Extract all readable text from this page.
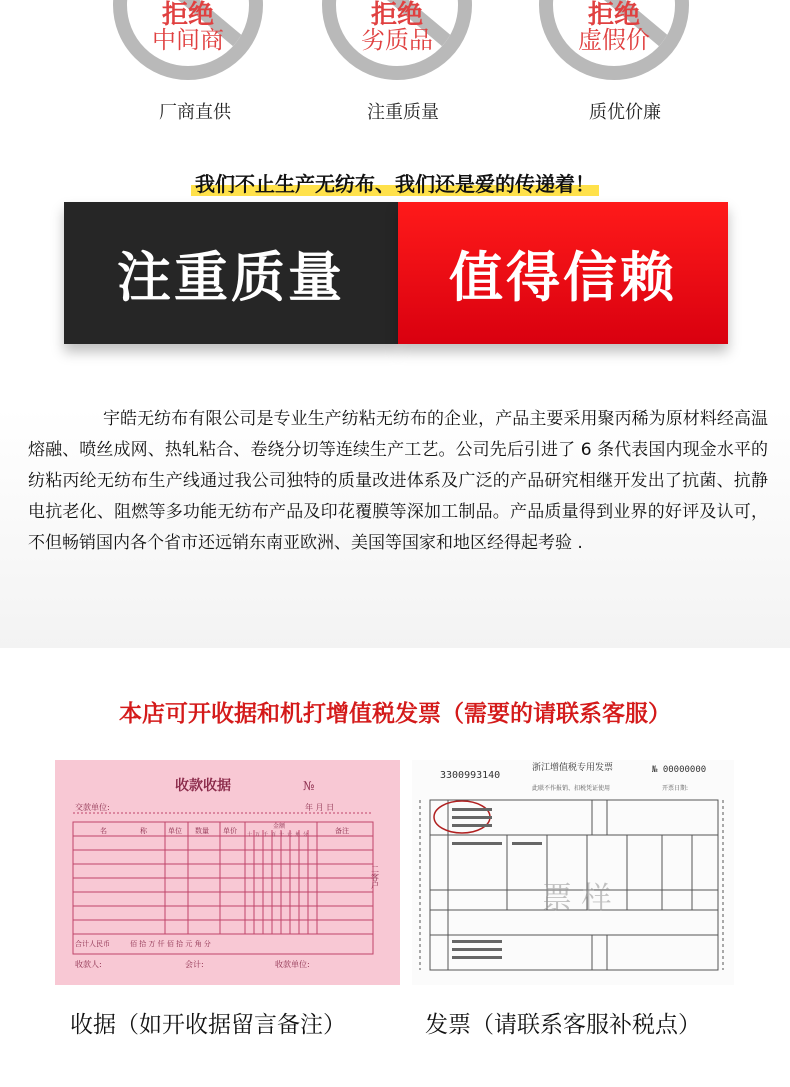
拒绝
中间商
拒绝
劣质品
拒绝
虚假价
厂商直供	注重质量	质优价廉
我们不止生产无纺布、我们还是爱的传递着！
注重质量	值得信赖

宇皓无纺布有限公司是专业生产纺粘无纺布的企业，产品主要采用聚丙稀为原材料经高温熔融、喷丝成网、热轧粘合、卷绕分切等连续生产工艺。公司先后引进了 6 条代表国内现金水平的纺粘丙纶无纺布生产线通过我公司独特的质量改进体系及广泛的产品研究相继开发出了抗菌、抗静电抗老化、阻燃等多功能无纺布产品及印花覆膜等深加工制品。产品质量得到业界的好评及认可，不但畅销国内各个省市还远销东南亚欧洲、美国等国家和地区经得起考验 .

本店可开收据和机打增值税发票（需要的请联系客服）
收款收据	№
交款单位:	年 月 日
名	称	单位 数量 单价
金额
十万千百十元角分	备注
合计人民币	佰 拾 万 仟 佰 拾 元 角 分
二客户
收款人:	会计:	收款单位:
3300993140
浙江增值税专用发票	№ 00000000
此联不作报销、扣税凭证使用	开票日期:
票 样
收据（如开收据留言备注）	发票（请联系客服补税点）
